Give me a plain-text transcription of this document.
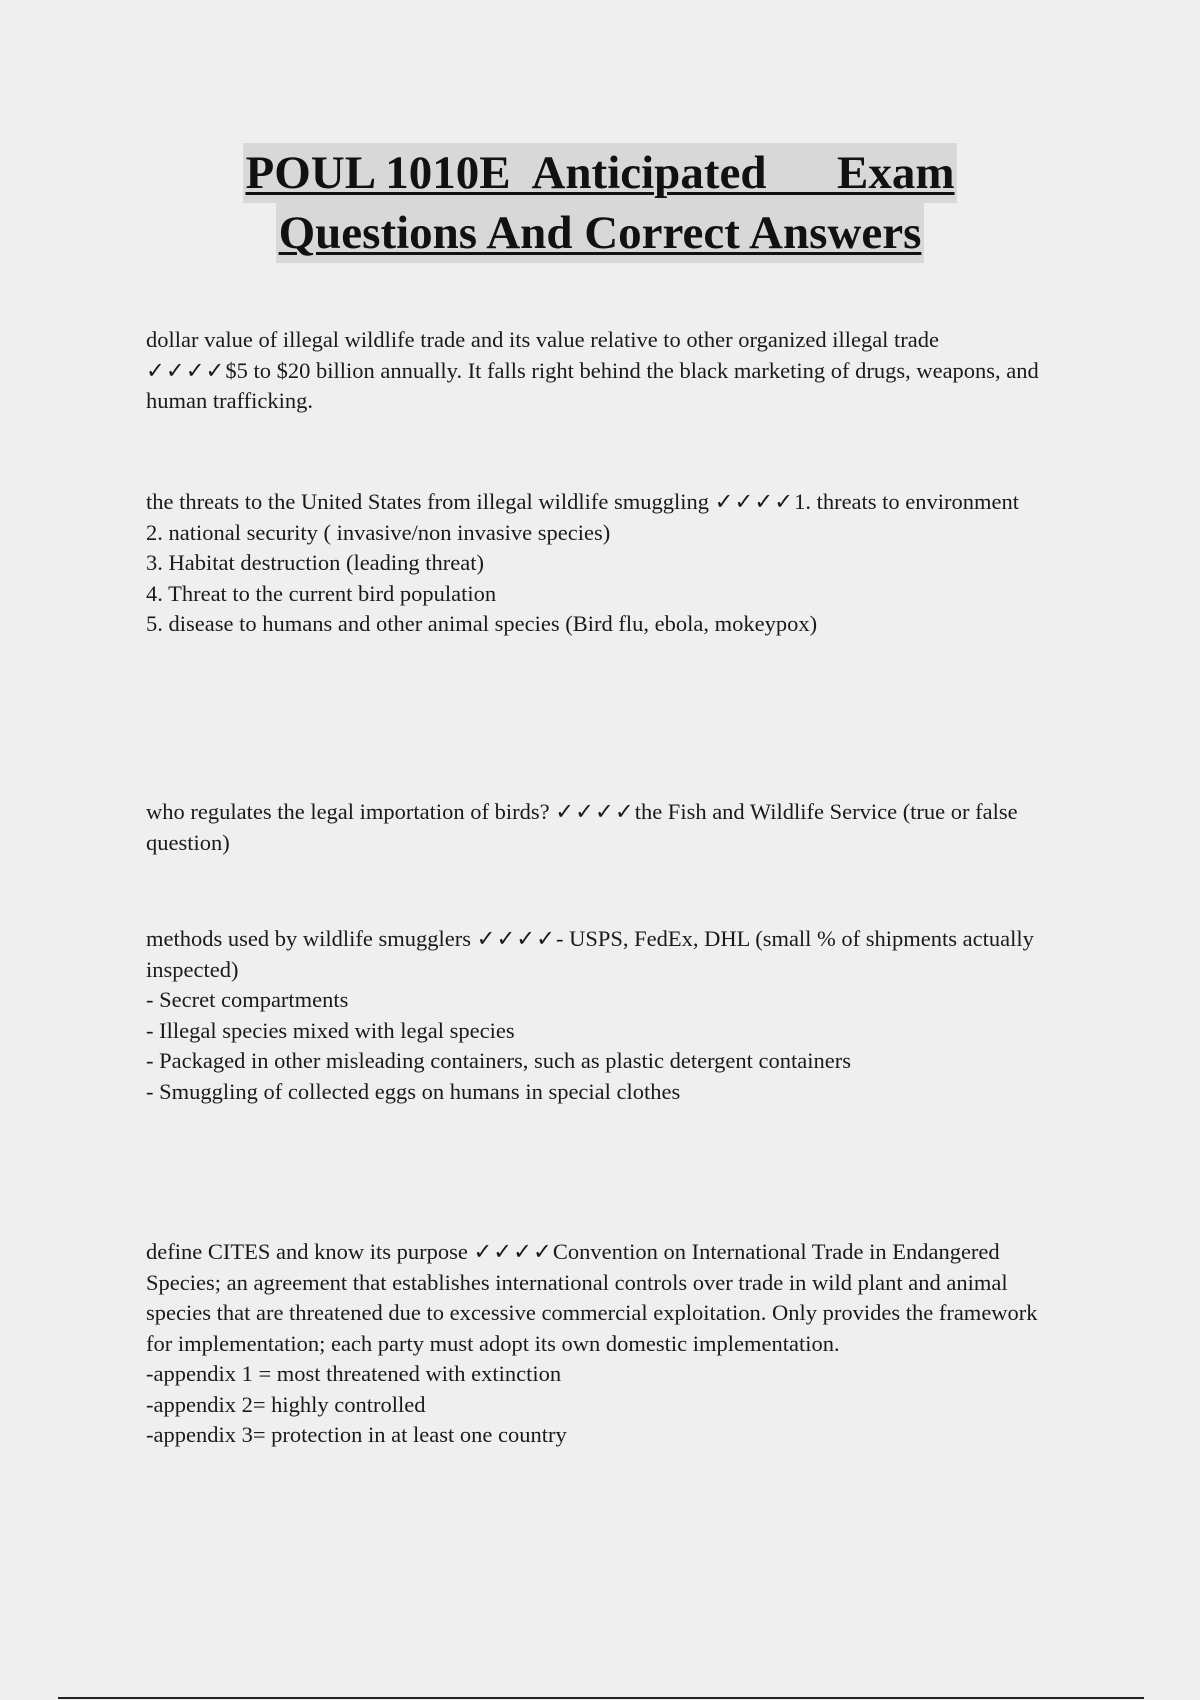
POUL 1010E  Anticipated      Exam
Questions And Correct Answers

dollar value of illegal wildlife trade and its value relative to other organized illegal trade ✓✓✓✓$5 to $20 billion annually. It falls right behind the black marketing of drugs, weapons, and human trafficking.

the threats to the United States from illegal wildlife smuggling ✓✓✓✓1. threats to environment

2. national security ( invasive/non invasive species)

3. Habitat destruction (leading threat)

4. Threat to the current bird population

5. disease to humans and other animal species (Bird flu, ebola, mokeypox)

who regulates the legal importation of birds? ✓✓✓✓the Fish and Wildlife Service (true or false question)

methods used by wildlife smugglers ✓✓✓✓- USPS, FedEx, DHL (small % of shipments actually inspected)

- Secret compartments

- Illegal species mixed with legal species

- Packaged in other misleading containers, such as plastic detergent containers

- Smuggling of collected eggs on humans in special clothes

define CITES and know its purpose ✓✓✓✓Convention on International Trade in Endangered Species; an agreement that establishes international controls over trade in wild plant and animal species that are threatened due to excessive commercial exploitation. Only provides the framework for implementation; each party must adopt its own domestic implementation.

-appendix 1 = most threatened with extinction

-appendix 2= highly controlled

-appendix 3= protection in at least one country
